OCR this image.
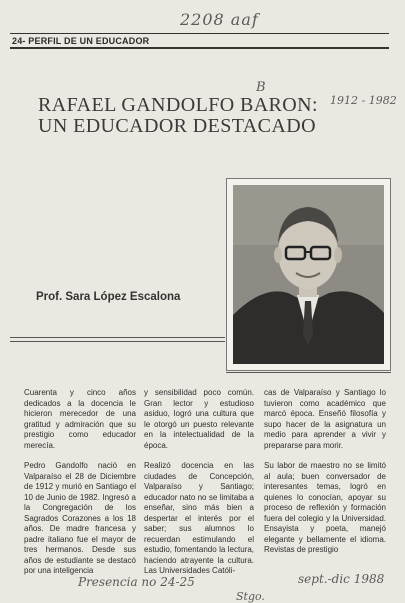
2208 aaf
B
1912 - 1982
24- PERFIL DE UN EDUCADOR
RAFAEL GANDOLFO BARON:
UN EDUCADOR DESTACADO
Prof. Sara López Escalona

Cuarenta y cinco años dedicados a la docencia le hicieron merecedor de una gratitud y admiración que su prestigio como educador merecía.

Pedro Gandolfo nació en Valparaíso el 28 de Diciembre de 1912 y murió en Santiago el 10 de Junio de 1982. Ingresó a la Congregación de los Sagrados Corazones a los 18 años. De madre francesa y padre italiano fue el mayor de tres hermanos. Desde sus años de estudiante se destacó por una inteligencia

y sensibilidad poco común. Gran lector y estudioso asiduo, logró una cultura que le otorgó un puesto relevante en la intelectualidad de la época.

Realizó docencia en las ciudades de Concepción, Valparaíso y Santiago; educador nato no se limitaba a enseñar, sino más bien a despertar el interés por el saber; sus alumnos lo recuerdan estimulando el estudio, fomentando la lectura, haciendo atrayente la cultura. Las Universidades Católi-

cas de Valparaíso y Santiago lo tuvieron como académico que marcó época. Enseñó filosofía y supo hacer de la asignatura un medio para aprender a vivir y prepararse para morir.

Su labor de maestro no se limitó al aula; buen conversador de interesantes temas, logró en quienes lo conocían, apoyar su proceso de reflexión y formación fuera del colegio y la Universidad. Ensayista y poeta, manejó elegante y bellamente el idioma. Revistas de prestigio

Presencia no 24-25	sept.-dic 1988
Stgo.
